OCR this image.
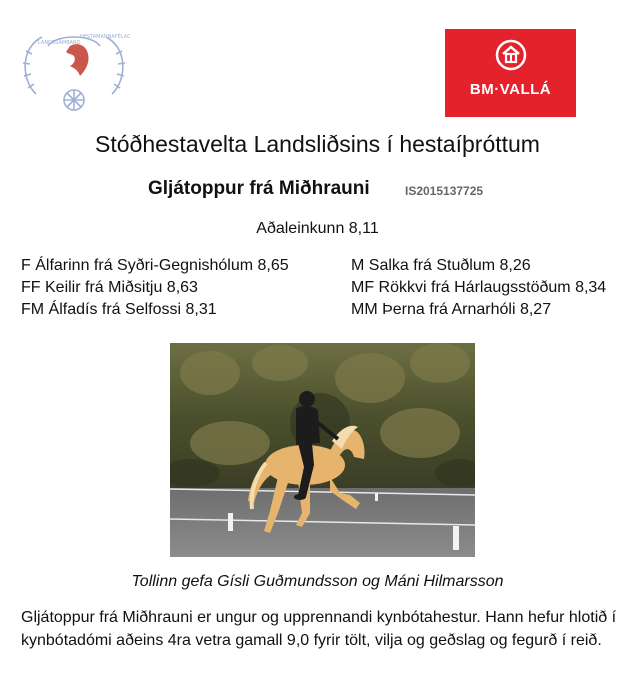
LANDSSAMBAND
HESTAMANNAFÉLAGA
BM·VALLÁ
Stóðhestavelta Landsliðsins í hestaíþróttum
Gljátoppur frá Miðhrauni	IS2015137725
Aðaleinkunn 8,11
F Álfarinn frá Syðri-Gegnishólum 8,65
FF Keilir frá Miðsitju 8,63
FM Álfadís frá Selfossi 8,31
M Salka frá Stuðlum 8,26
MF Rökkvi frá Hárlaugsstöðum 8,34
MM Þerna frá Arnarhóli 8,27
Tollinn gefa Gísli Guðmundsson og Máni Hilmarsson
Gljátoppur frá Miðhrauni er ungur og upprennandi kynbótahestur. Hann hefur hlotið í kynbótadómi aðeins 4ra vetra gamall 9,0 fyrir tölt, vilja og geðslag og fegurð í reið.
